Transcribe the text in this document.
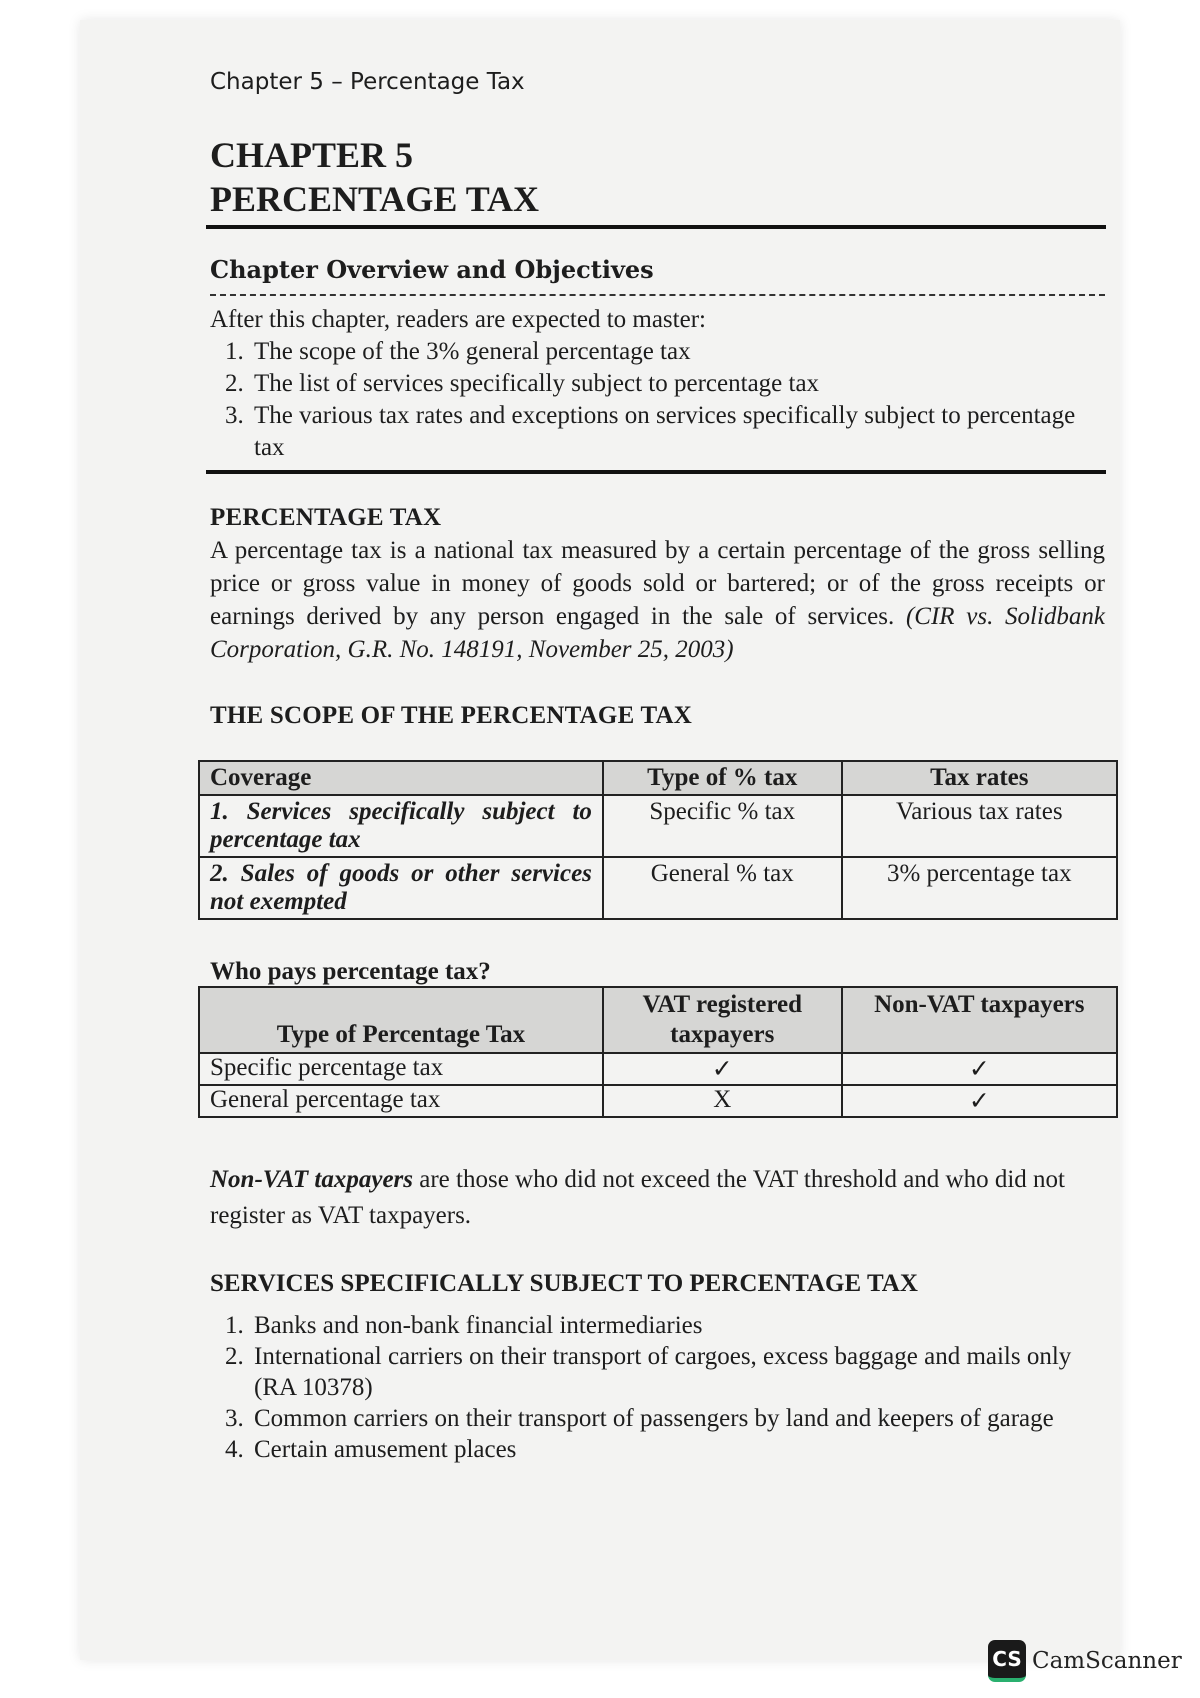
Chapter 5 – Percentage Tax
CHAPTER 5
PERCENTAGE TAX
Chapter Overview and Objectives
After this chapter, readers are expected to master:
1. The scope of the 3% general percentage tax
2. The list of services specifically subject to percentage tax
3. The various tax rates and exceptions on services specifically subject to percentage tax
PERCENTAGE TAX
A percentage tax is a national tax measured by a certain percentage of the gross selling price or gross value in money of goods sold or bartered; or of the gross receipts or earnings derived by any person engaged in the sale of services. (CIR vs. Solidbank Corporation, G.R. No. 148191, November 25, 2003)
THE SCOPE OF THE PERCENTAGE TAX
Coverage	Type of % tax	Tax rates
1. Services specifically subject to percentage tax	Specific % tax	Various tax rates
2. Sales of goods or other services not exempted	General % tax	3% percentage tax
Who pays percentage tax?
Type of Percentage Tax	VAT registered taxpayers	Non-VAT taxpayers
Specific percentage tax	✓	✓
General percentage tax	X	✓
Non-VAT taxpayers are those who did not exceed the VAT threshold and who did not register as VAT taxpayers.
SERVICES SPECIFICALLY SUBJECT TO PERCENTAGE TAX
1. Banks and non-bank financial intermediaries
2. International carriers on their transport of cargoes, excess baggage and mails only (RA 10378)
3. Common carriers on their transport of passengers by land and keepers of garage
4. Certain amusement places
CS CamScanner
